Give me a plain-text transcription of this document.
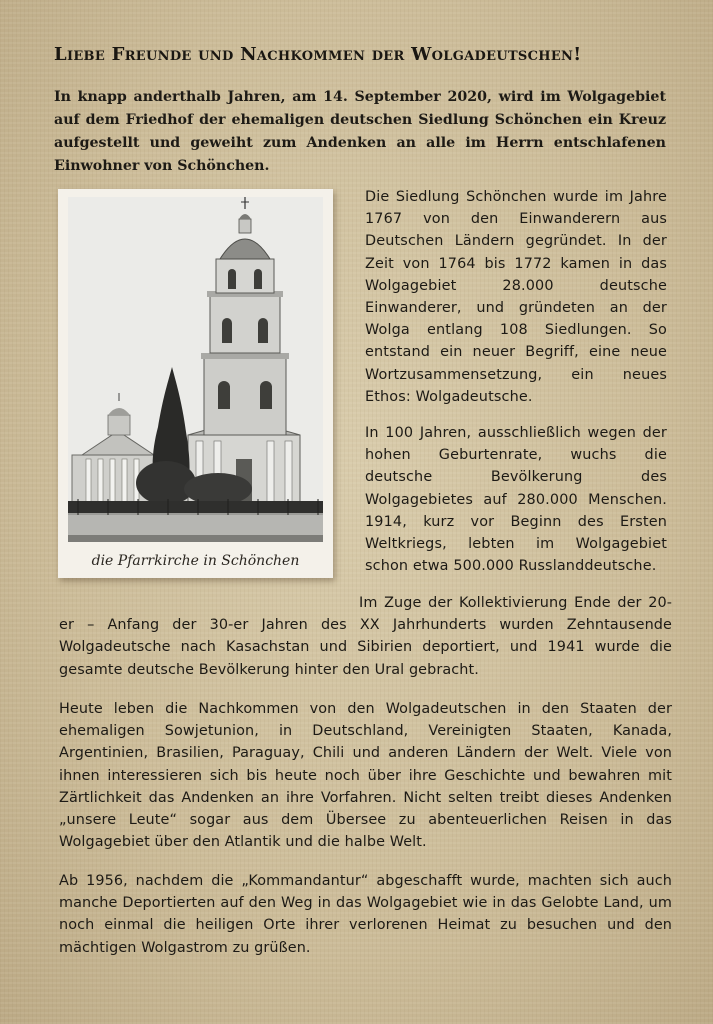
Liebe Freunde und Nachkommen der Wolgadeutschen!
In knapp anderthalb Jahren, am 14. September 2020, wird im Wolgagebiet auf dem Friedhof der ehemaligen deutschen Siedlung Schönchen ein Kreuz aufgestellt und geweiht zum Andenken an alle im Herrn entschlafenen Einwohner von Schönchen.
die Pfarrkirche in Schönchen
Die Siedlung Schönchen wurde im Jahre 1767 von den Einwanderern aus Deutschen Ländern gegründet. In der Zeit von 1764 bis 1772 kamen in das Wolgagebiet 28.000 deutsche Einwanderer, und gründeten an der Wolga entlang 108 Siedlungen. So entstand ein neuer Begriff, eine neue Wortzusammensetzung, ein neues
Ethos: Wolgadeutsche.
In 100 Jahren, ausschließlich wegen der hohen Geburtenrate, wuchs die deutsche Bevölkerung des Wolgagebietes auf 280.000 Menschen. 1914, kurz vor Beginn des Ersten Weltkriegs, lebten im Wolgagebiet
schon etwa 500.000 Russlanddeutsche.
Im Zuge der Kollektivierung Ende der 20-er – Anfang der 30-er Jahren des XX Jahrhunderts wurden Zehntausende Wolgadeutsche nach Kasachstan und Sibirien deportiert, und 1941 wurde die gesamte deutsche Bevölkerung hinter den Ural gebracht.
Heute leben die Nachkommen von den Wolgadeutschen in den Staaten der ehemaligen Sowjetunion, in Deutschland, Vereinigten Staaten, Kanada, Argentinien, Brasilien, Paraguay, Chili und anderen Ländern der Welt. Viele von ihnen interessieren sich bis heute noch über ihre Geschichte und bewahren mit Zärtlichkeit das Andenken an ihre Vorfahren. Nicht selten treibt dieses Andenken „unsere Leute“ sogar aus dem Übersee zu abenteuerlichen Reisen in das Wolgagebiet über den Atlantik und die halbe Welt.
Ab 1956, nachdem die „Kommandantur“ abgeschafft wurde, machten sich auch manche Deportierten auf den Weg in das Wolgagebiet wie in das Gelobte Land, um noch einmal die heiligen Orte ihrer verlorenen Heimat zu besuchen und den mächtigen Wolgastrom zu grüßen.
